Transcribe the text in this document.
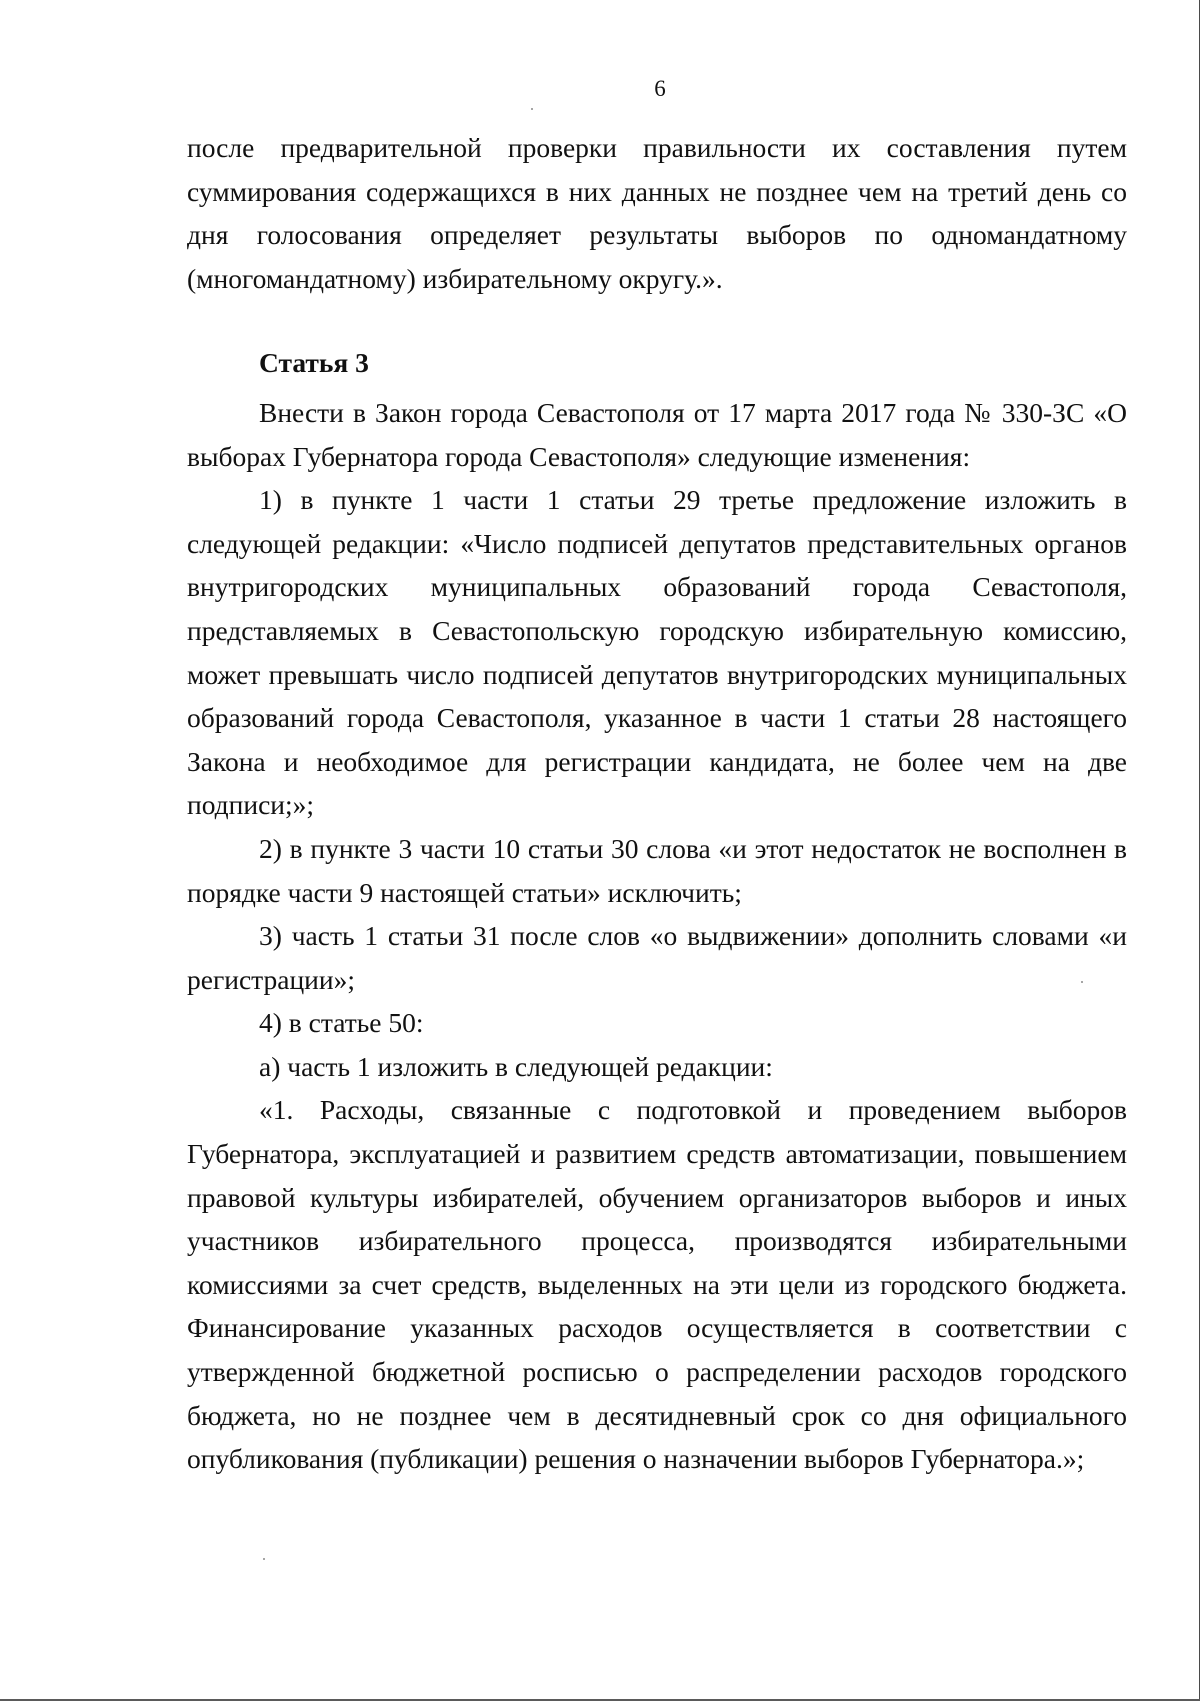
6

после предварительной проверки правильности их составления путем суммирования содержащихся в них данных не позднее чем на третий день со дня голосования определяет результаты выборов по одномандатному (многомандатному) избирательному округу.».

Статья 3

Внести в Закон города Севастополя от 17 марта 2017 года № 330-ЗС «О выборах Губернатора города Севастополя» следующие изменения:

1) в пункте 1 части 1 статьи 29 третье предложение изложить в следующей редакции: «Число подписей депутатов представительных органов внутригородских муниципальных образований города Севастополя, представляемых в Севастопольскую городскую избирательную комиссию, может превышать число подписей депутатов внутригородских муниципальных образований города Севастополя, указанное в части 1 статьи 28 настоящего Закона и необходимое для регистрации кандидата, не более чем на две подписи;»;

2) в пункте 3 части 10 статьи 30 слова «и этот недостаток не восполнен в порядке части 9 настоящей статьи» исключить;

3) часть 1 статьи 31 после слов «о выдвижении» дополнить словами «и регистрации»;

4) в статье 50:

а) часть 1 изложить в следующей редакции:

«1. Расходы, связанные с подготовкой и проведением выборов Губернатора, эксплуатацией и развитием средств автоматизации, повышением правовой культуры избирателей, обучением организаторов выборов и иных участников избирательного процесса, производятся избирательными комиссиями за счет средств, выделенных на эти цели из городского бюджета. Финансирование указанных расходов осуществляется в соответствии с утвержденной бюджетной росписью о распределении расходов городского бюджета, но не позднее чем в десятидневный срок со дня официального опубликования (публикации) решения о назначении выборов Губернатора.»;
